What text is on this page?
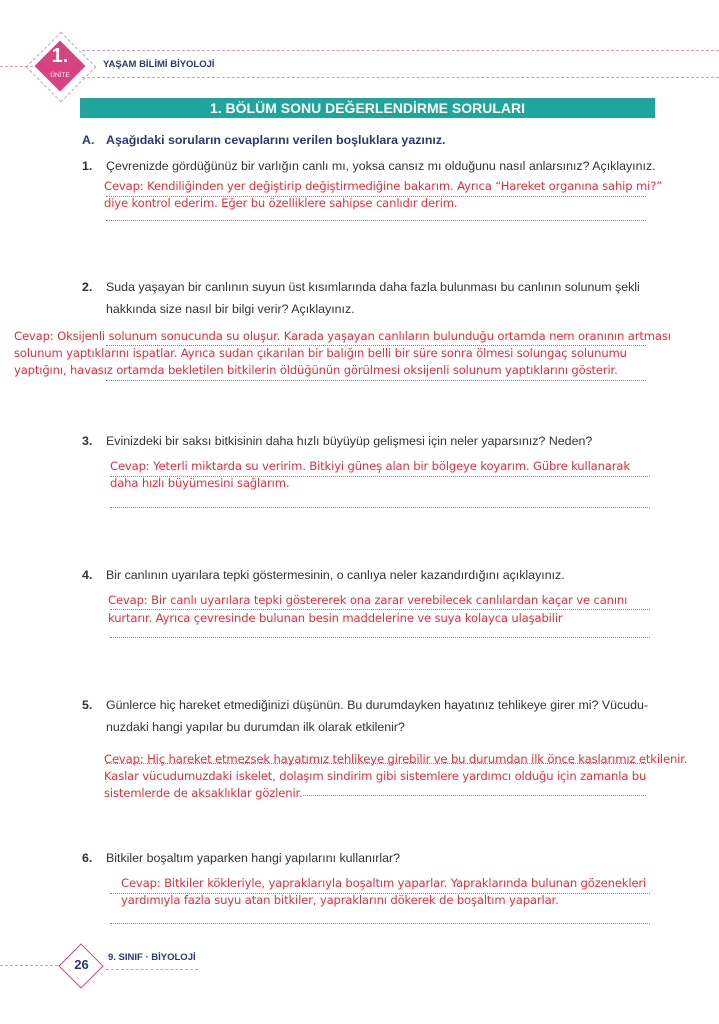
1.
ÜNİTE
YAŞAM BİLİMİ BİYOLOJİ
1. BÖLÜM SONU DEĞERLENDİRME SORULARI
A. Aşağıdaki soruların cevaplarını verilen boşluklara yazınız.
1. Çevrenizde gördüğünüz bir varlığın canlı mı, yoksa cansız mı olduğunu nasıl anlarsınız? Açıklayınız.
Cevap: Kendiliğinden yer değiştirip değiştirmediğine bakarım. Ayrıca “Hareket organına sahip mi?”
diye kontrol ederim. Eğer bu özelliklere sahipse canlıdır derim.
2. Suda yaşayan bir canlının suyun üst kısımlarında daha fazla bulunması bu canlının solunum şekli
hakkında size nasıl bir bilgi verir? Açıklayınız.
Cevap: Oksijenli solunum sonucunda su oluşur. Karada yaşayan canlıların bulunduğu ortamda nem oranının artması
solunum yaptıklarını ispatlar. Ayrıca sudan çıkarılan bir balığın belli bir süre sonra ölmesi solungaç solunumu
yaptığını, havasız ortamda bekletilen bitkilerin öldüğünün görülmesi oksijenli solunum yaptıklarını gösterir.
3. Evinizdeki bir saksı bitkisinin daha hızlı büyüyüp gelişmesi için neler yaparsınız? Neden?
Cevap: Yeterli miktarda su veririm. Bitkiyi güneş alan bir bölgeye koyarım. Gübre kullanarak
daha hızlı büyümesini sağlarım.
4. Bir canlının uyarılara tepki göstermesinin, o canlıya neler kazandırdığını açıklayınız.
Cevap: Bir canlı uyarılara tepki göstererek ona zarar verebilecek canlılardan kaçar ve canını
kurtarır. Ayrıca çevresinde bulunan besin maddelerine ve suya kolayca ulaşabilir
5. Günlerce hiç hareket etmediğinizi düşünün. Bu durumdayken hayatınız tehlikeye girer mi? Vücudu-
nuzdaki hangi yapılar bu durumdan ilk olarak etkilenir?
Cevap: Hiç hareket etmezsek hayatımız tehlikeye girebilir ve bu durumdan ilk önce kaslarımız etkilenir.
Kaslar vücudumuzdaki iskelet, dolaşım sindirim gibi sistemlere yardımcı olduğu için zamanla bu
sistemlerde de aksaklıklar gözlenir.
6. Bitkiler boşaltım yaparken hangi yapılarını kullanırlar?
Cevap: Bitkiler kökleriyle, yapraklarıyla boşaltım yaparlar. Yapraklarında bulunan gözenekleri
yardımıyla fazla suyu atan bitkiler, yapraklarını dökerek de boşaltım yaparlar.
26	9. SINIF · BİYOLOJİ
